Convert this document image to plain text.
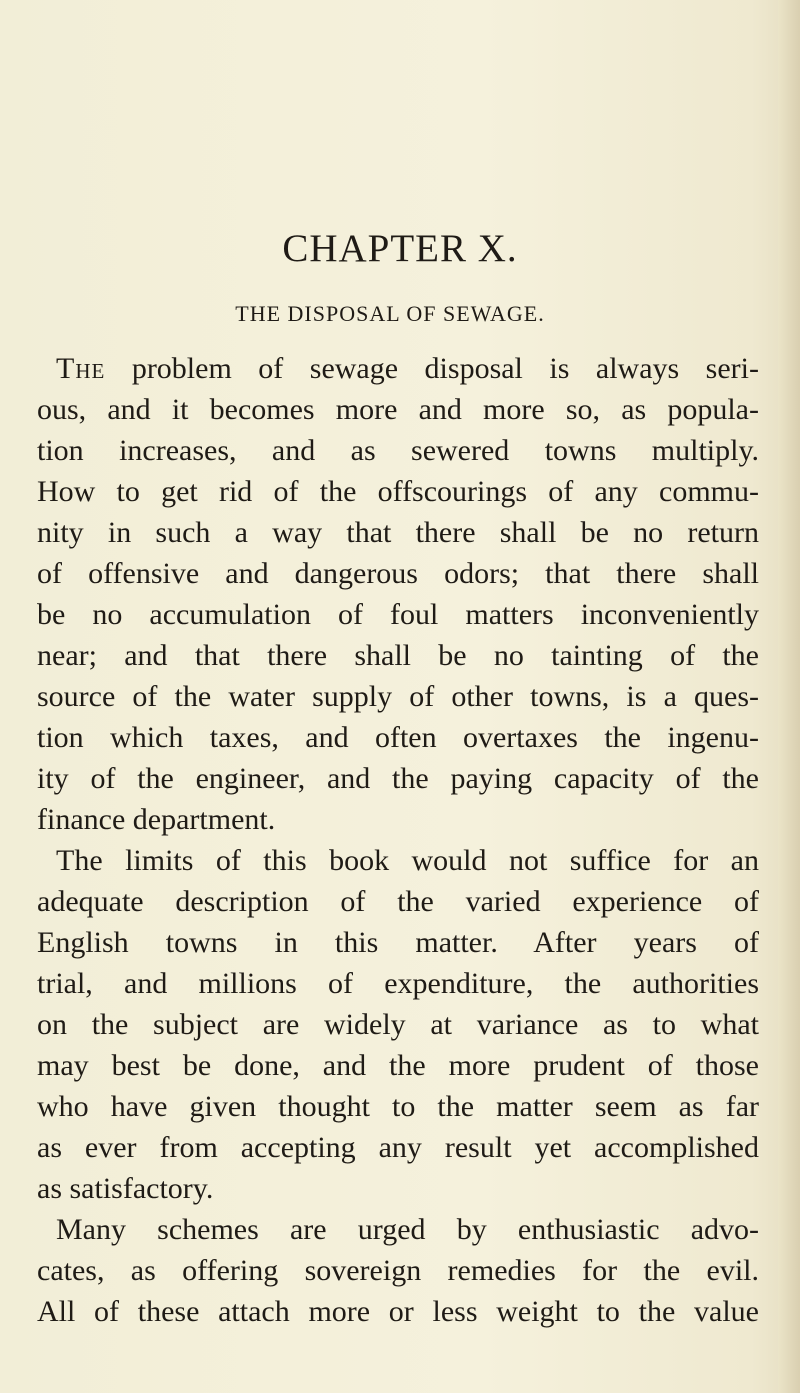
CHAPTER X.
THE DISPOSAL OF SEWAGE.

The problem of sewage disposal is always seri-

ous, and it becomes more and more so, as popula-

tion increases, and as sewered towns multiply.

How to get rid of the offscourings of any commu-

nity in such a way that there shall be no return

of offensive and dangerous odors; that there shall

be no accumulation of foul matters inconveniently

near; and that there shall be no tainting of the

source of the water supply of other towns, is a ques-

tion which taxes, and often overtaxes the ingenu-

ity of the engineer, and the paying capacity of the

finance department.

The limits of this book would not suffice for an

adequate description of the varied experience of

English towns in this matter. After years of

trial, and millions of expenditure, the authorities

on the subject are widely at variance as to what

may best be done, and the more prudent of those

who have given thought to the matter seem as far

as ever from accepting any result yet accomplished

as satisfactory.

Many schemes are urged by enthusiastic advo-

cates, as offering sovereign remedies for the evil.

All of these attach more or less weight to the value
